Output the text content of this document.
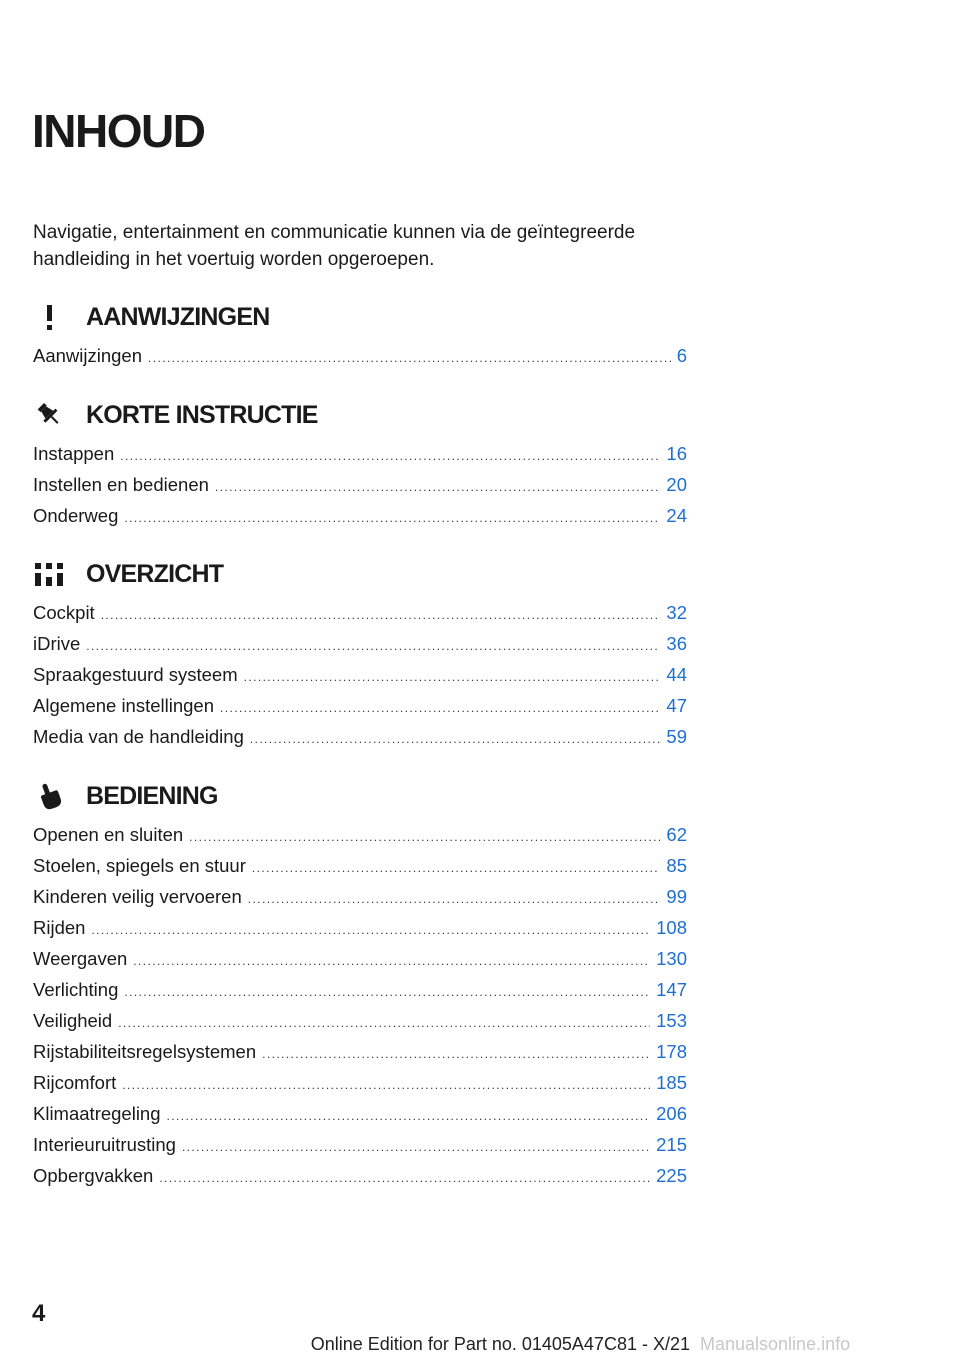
INHOUD

Navigatie, entertainment en communicatie kunnen via de geïntegreerde handleiding in het voertuig worden opgeroepen.

AANWIJZINGEN
Aanwijzingen .....	6
KORTE INSTRUCTIE
Instappen .....	16
Instellen en bedienen .....	20
Onderweg .....	24
OVERZICHT
Cockpit .....	32
iDrive .....	36
Spraakgestuurd systeem .....	44
Algemene instellingen .....	47
Media van de handleiding .....	59
BEDIENING
Openen en sluiten .....	62
Stoelen, spiegels en stuur .....	85
Kinderen veilig vervoeren .....	99
Rijden .....	108
Weergaven .....	130
Verlichting .....	147
Veiligheid .....	153
Rijstabiliteitsregelsystemen .....	178
Rijcomfort .....	185
Klimaatregeling .....	206
Interieuruitrusting .....	215
Opbergvakken .....	225
4
Online Edition for Part no. 01405A47C81 - X/21 Manualsonline.info
